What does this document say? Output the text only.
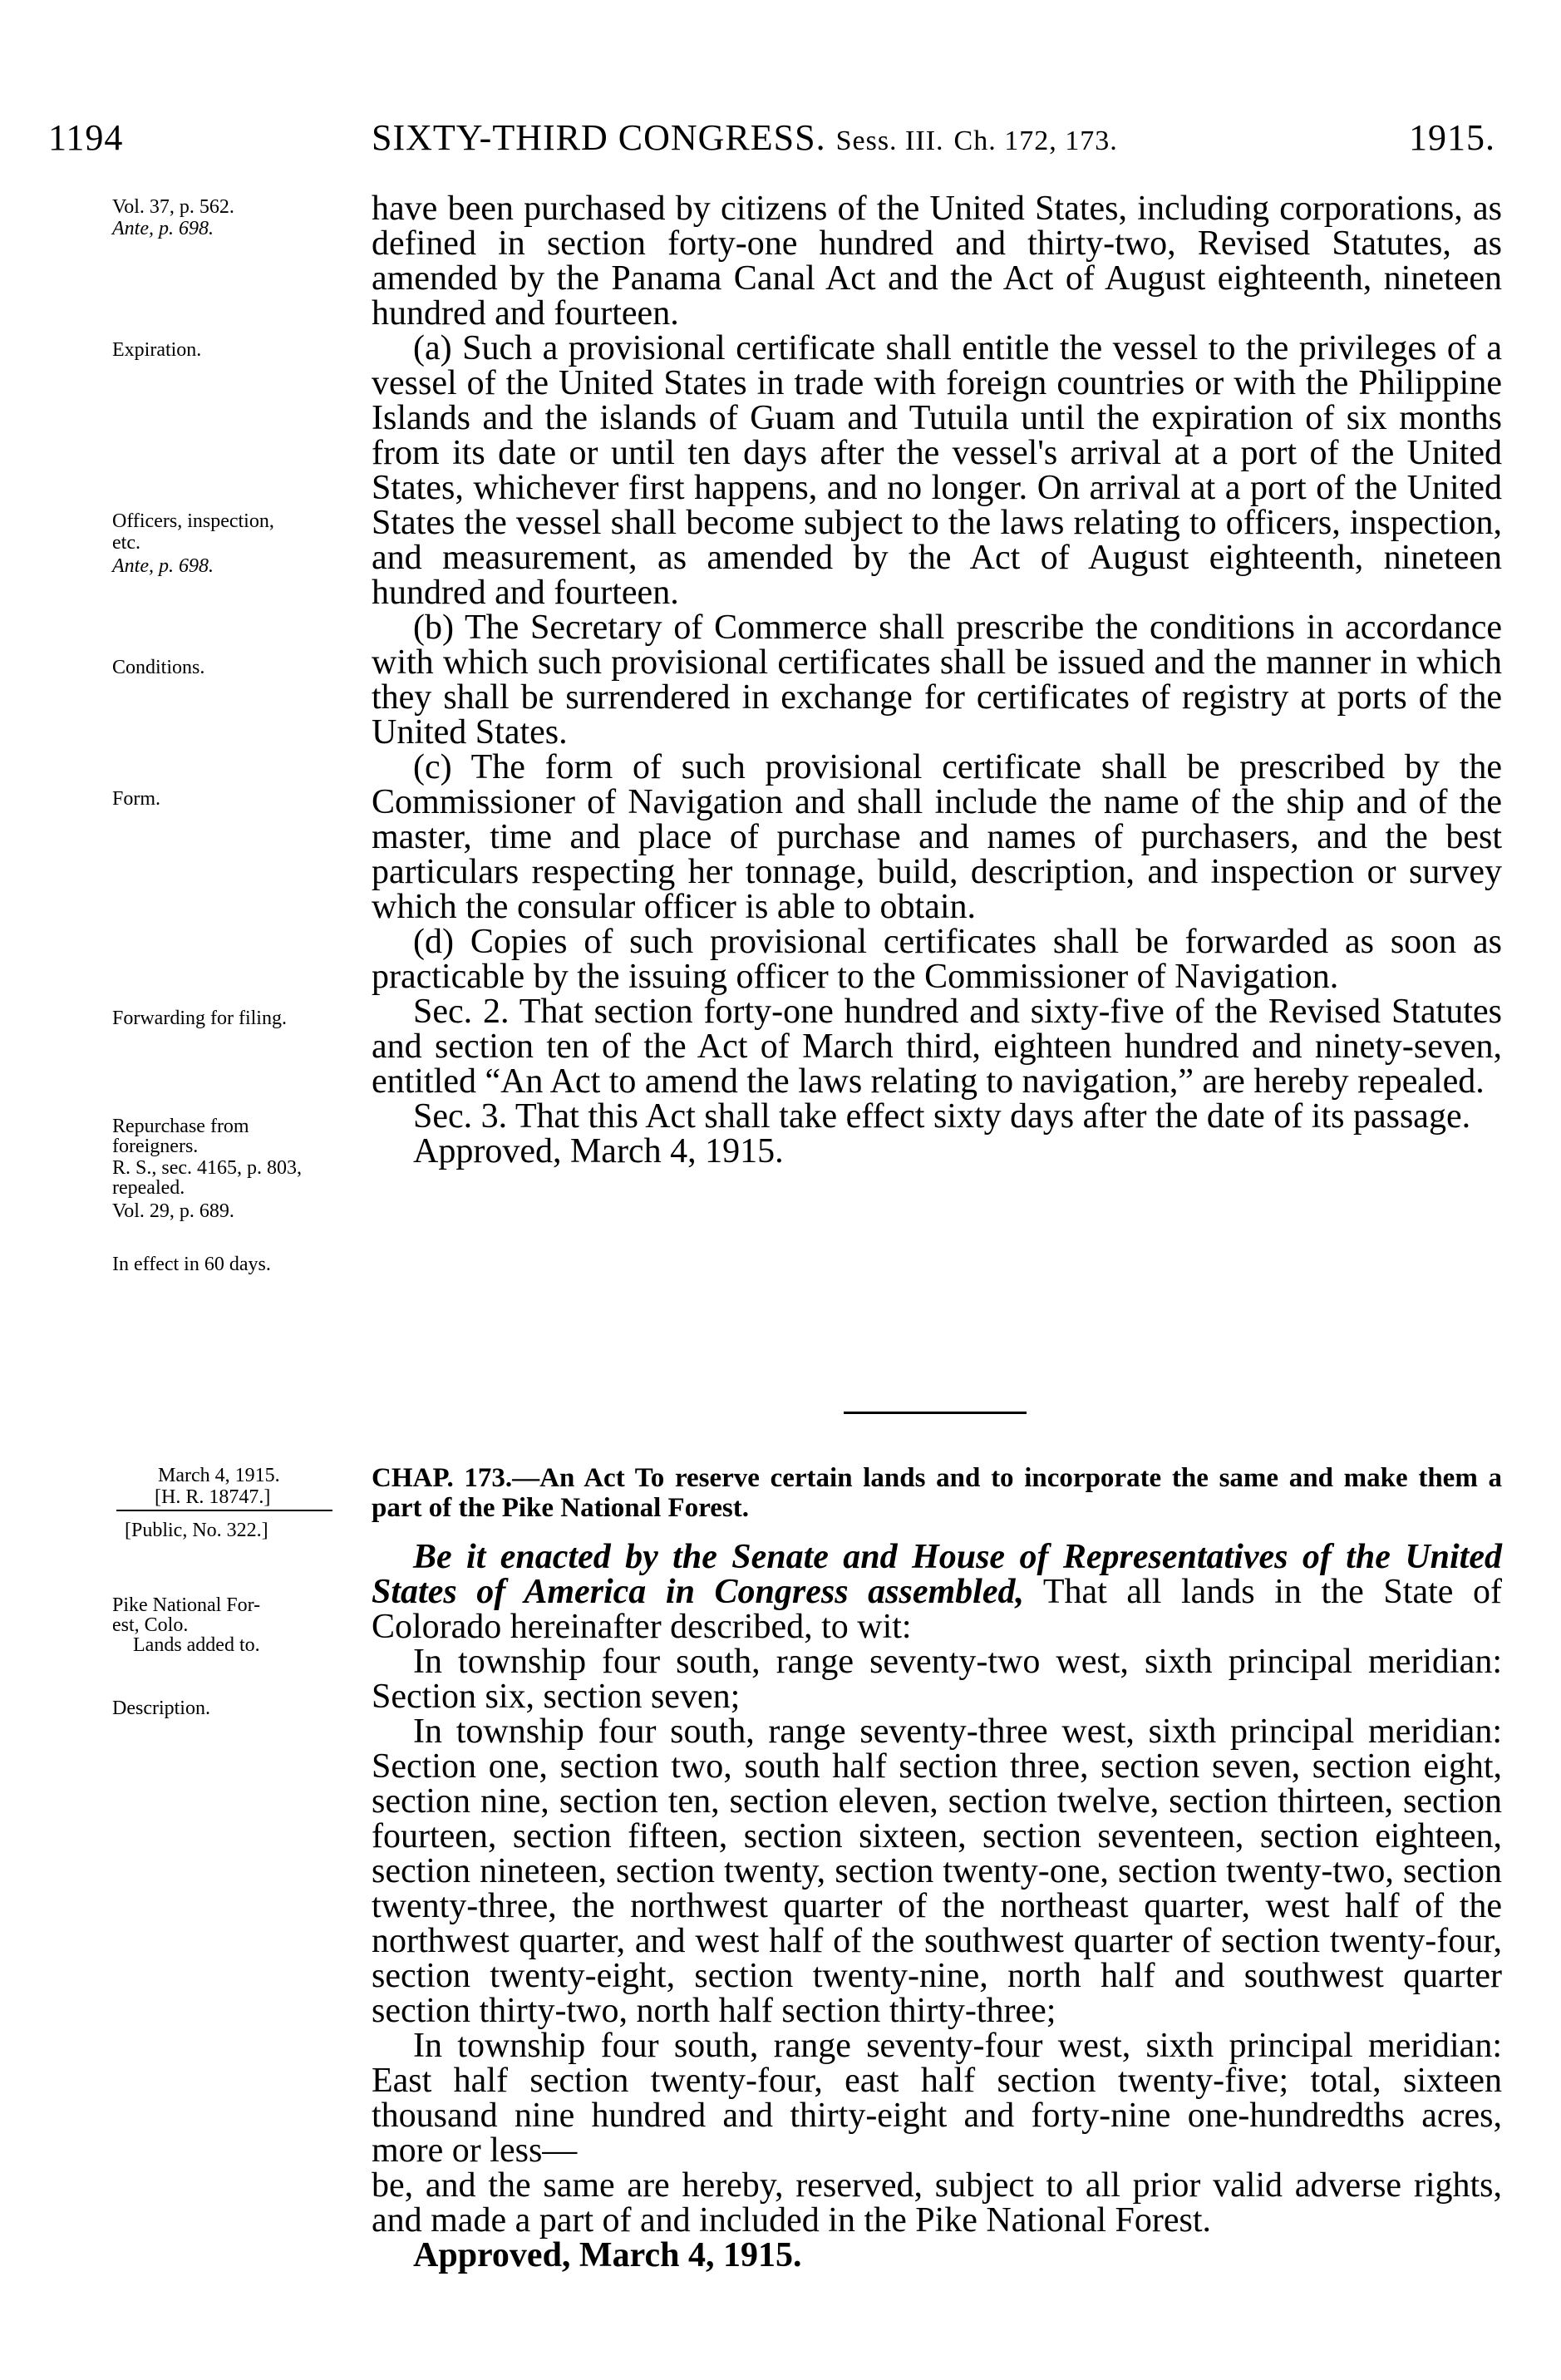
1194	SIXTY-THIRD CONGRESS. Sess. III. Ch. 172, 173.	1915.
Vol. 37, p. 562.
Ante, p. 698.
Expiration.
Officers, inspection,
etc.
Ante, p. 698.
Conditions.
Form.
Forwarding for filing.
Repurchase from
foreigners.
R. S., sec. 4165, p. 803,
repealed.
Vol. 29, p. 689.
In effect in 60 days.
March 4, 1915.
[H. R. 18747.]
[Public, No. 322.]
Pike National For-
est, Colo.
Lands added to.
Description.
have been purchased by citizens of the United States, including corporations, as defined in section forty-one hundred and thirty-two, Revised Statutes, as amended by the Panama Canal Act and the Act of August eighteenth, nineteen hundred and fourteen.
(a) Such a provisional certificate shall entitle the vessel to the privileges of a vessel of the United States in trade with foreign countries or with the Philippine Islands and the islands of Guam and Tutuila until the expiration of six months from its date or until ten days after the vessel's arrival at a port of the United States, whichever first happens, and no longer. On arrival at a port of the United States the vessel shall become subject to the laws relating to officers, inspection, and measurement, as amended by the Act of August eighteenth, nineteen hundred and fourteen.
(b) The Secretary of Commerce shall prescribe the conditions in accordance with which such provisional certificates shall be issued and the manner in which they shall be surrendered in exchange for certificates of registry at ports of the United States.
(c) The form of such provisional certificate shall be prescribed by the Commissioner of Navigation and shall include the name of the ship and of the master, time and place of purchase and names of purchasers, and the best particulars respecting her tonnage, build, description, and inspection or survey which the consular officer is able to obtain.
(d) Copies of such provisional certificates shall be forwarded as soon as practicable by the issuing officer to the Commissioner of Navigation.
Sec. 2. That section forty-one hundred and sixty-five of the Revised Statutes and section ten of the Act of March third, eighteen hundred and ninety-seven, entitled “An Act to amend the laws relating to navigation,” are hereby repealed.
Sec. 3. That this Act shall take effect sixty days after the date of its passage.
Approved, March 4, 1915.
CHAP. 173.—An Act To reserve certain lands and to incorporate the same and make them a part of the Pike National Forest.
Be it enacted by the Senate and House of Representatives of the United States of America in Congress assembled, That all lands in the State of Colorado hereinafter described, to wit:
In township four south, range seventy-two west, sixth principal meridian: Section six, section seven;
In township four south, range seventy-three west, sixth principal meridian: Section one, section two, south half section three, section seven, section eight, section nine, section ten, section eleven, section twelve, section thirteen, section fourteen, section fifteen, section sixteen, section seventeen, section eighteen, section nineteen, section twenty, section twenty-one, section twenty-two, section twenty-three, the northwest quarter of the northeast quarter, west half of the northwest quarter, and west half of the southwest quarter of section twenty-four, section twenty-eight, section twenty-nine, north half and southwest quarter section thirty-two, north half section thirty-three;
In township four south, range seventy-four west, sixth principal meridian: East half section twenty-four, east half section twenty-five; total, sixteen thousand nine hundred and thirty-eight and forty-nine one-hundredths acres, more or less—
be, and the same are hereby, reserved, subject to all prior valid adverse rights, and made a part of and included in the Pike National Forest.
Approved, March 4, 1915.
